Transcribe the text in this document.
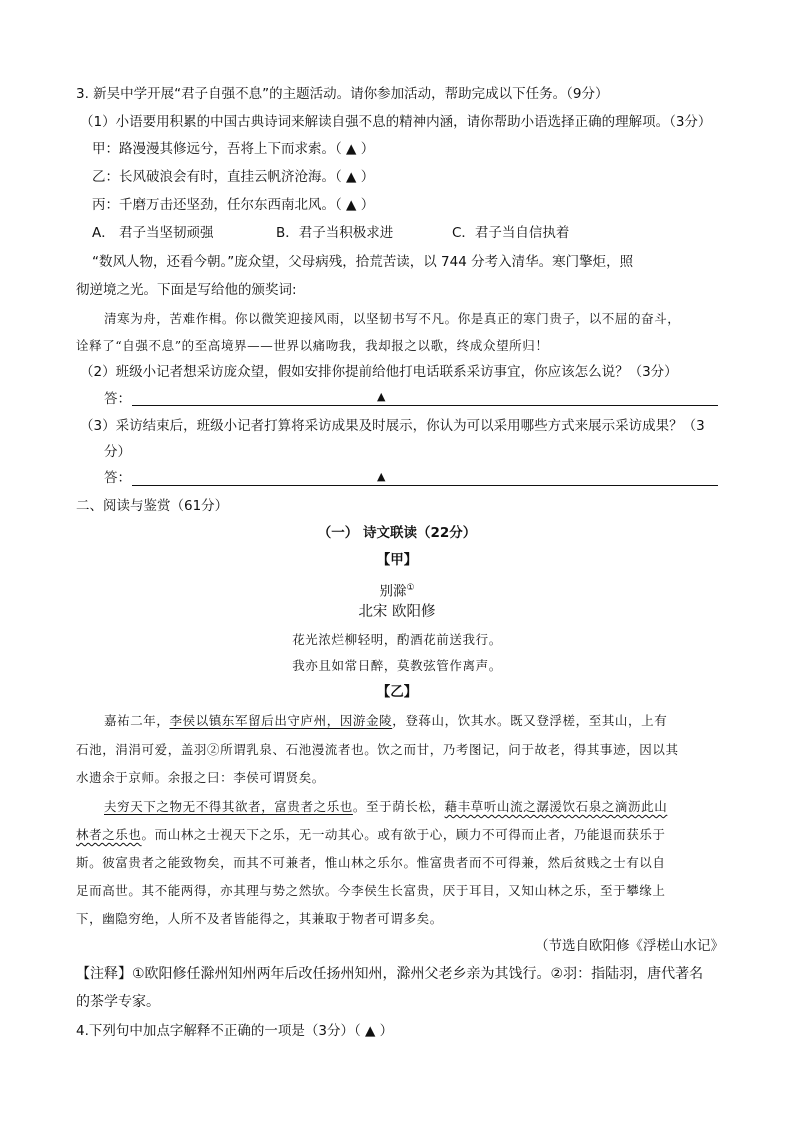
3. 新吴中学开展“君子自强不息”的主题活动。请你参加活动，帮助完成以下任务。（9分）
（1）小语要用积累的中国古典诗词来解读自强不息的精神内涵，请你帮助小语选择正确的理解项。（3分）
甲：路漫漫其修远兮，吾将上下而求索。（ ▲ ）
乙：长风破浪会有时，直挂云帆济沧海。（ ▲ ）
丙：千磨万击还坚劲，任尔东西南北风。（ ▲ ）
A． 君子当坚韧顽强	B．君子当积极求进	C．君子当自信执着
“数风人物，还看今朝。”庞众望，父母病残，拾荒苦读，以 744 分考入清华。寒门擎炬，照
彻逆境之光。下面是写给他的颁奖词:
清寒为舟，苦难作楫。你以微笑迎接风雨，以坚韧书写不凡。你是真正的寒门贵子，以不屈的奋斗，
诠释了“自强不息”的至高境界——世界以痛吻我，我却报之以歌，终成众望所归！
（2）班级小记者想采访庞众望，假如安排你提前给他打电话联系采访事宜，你应该怎么说？（3分）
答：	▲
（3）采访结束后，班级小记者打算将采访成果及时展示，你认为可以采用哪些方式来展示采访成果？（3
分）
答：	▲
二、阅读与鉴赏（61分）
（一） 诗文联读（22分）
【甲】
别滁①
北宋 欧阳修
花光浓烂柳轻明，酌酒花前送我行。
我亦且如常日醉，莫教弦管作离声。
【乙】
嘉祐二年，李侯以镇东军留后出守庐州，因游金陵，登蒋山，饮其水。既又登浮槎，至其山，上有
石池，涓涓可爱，盖羽②所谓乳泉、石池漫流者也。饮之而甘，乃考图记，问于故老，得其事迹，因以其
水遗余于京师。余报之曰：李侯可谓贤矣。
夫穷天下之物无不得其欲者，富贵者之乐也。至于荫长松，藉丰草听山流之潺湲饮石泉之滴沥此山
林者之乐也。而山林之士视天下之乐，无一动其心。或有欲于心，顾力不可得而止者，乃能退而获乐于
斯。彼富贵者之能致物矣，而其不可兼者，惟山林之乐尔。惟富贵者而不可得兼，然后贫贱之士有以自
足而高世。其不能两得，亦其理与势之然欤。今李侯生长富贵，厌于耳目，又知山林之乐，至于攀缘上
下，幽隐穷绝，人所不及者皆能得之，其兼取于物者可谓多矣。
（节选自欧阳修《浮槎山水记》
【注释】①欧阳修任滁州知州两年后改任扬州知州，滁州父老乡亲为其饯行。②羽：指陆羽，唐代著名
的茶学专家。
4.下列句中加点字解释不正确的一项是（3分）（ ▲ ）
